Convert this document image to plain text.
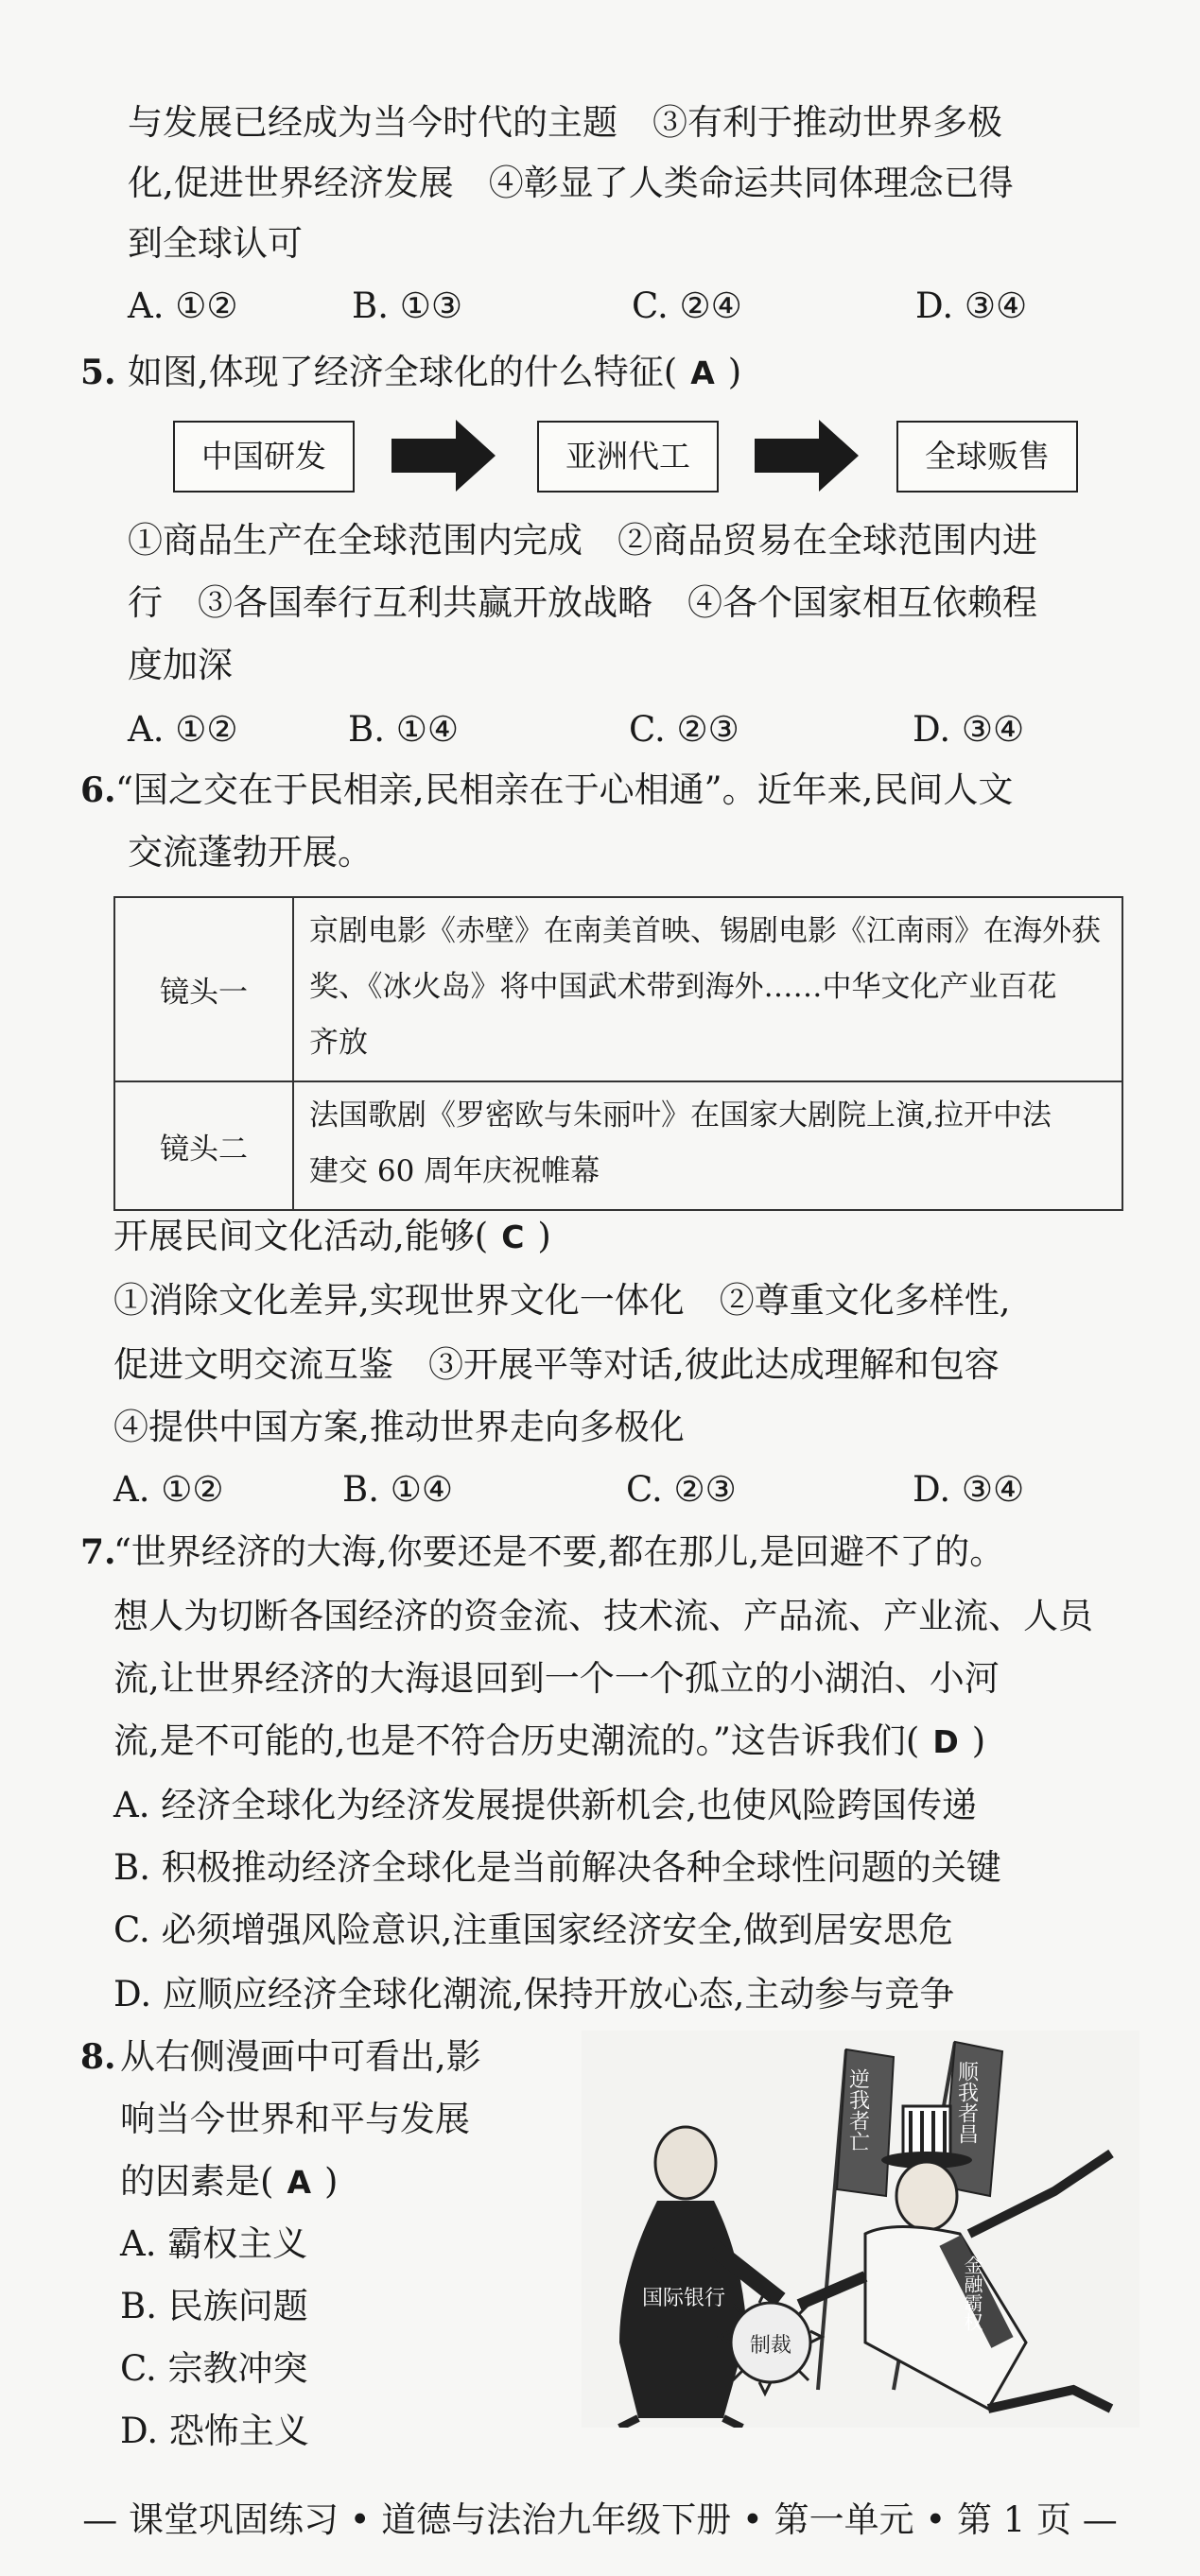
与发展已经成为当今时代的主题　③有利于推动世界多极
化,促进世界经济发展　④彰显了人类命运共同体理念已得
到全球认可
A. ①②	B. ①③	C. ②④	D. ③④
5. 如图,体现了经济全球化的什么特征( A )
中国研发	亚洲代工	全球贩售
①商品生产在全球范围内完成　②商品贸易在全球范围内进
行　③各国奉行互利共赢开放战略　④各个国家相互依赖程
度加深
A. ①②	B. ①④	C. ②③	D. ③④
6. “国之交在于民相亲,民相亲在于心相通”。近年来,民间人文
交流蓬勃开展。
镜头一	京剧电影《赤壁》在南美首映、锡剧电影《江南雨》在海外获
奖、《冰火岛》将中国武术带到海外……中华文化产业百花
齐放

镜头二	法国歌剧《罗密欧与朱丽叶》在国家大剧院上演,拉开中法
建交 60 周年庆祝帷幕
开展民间文化活动,能够( C )
①消除文化差异,实现世界文化一体化　②尊重文化多样性,
促进文明交流互鉴　③开展平等对话,彼此达成理解和包容
④提供中国方案,推动世界走向多极化
A. ①②	B. ①④	C. ②③	D. ③④
7.
“世界经济的大海,你要还是不要,都在那儿,是回避不了的。
想人为切断各国经济的资金流、技术流、产品流、产业流、人员
流,让世界经济的大海退回到一个一个孤立的小湖泊、小河
流,是不可能的,也是不符合历史潮流的。”这告诉我们( D )
A. 经济全球化为经济发展提供新机会,也使风险跨国传递
B. 积极推动经济全球化是当前解决各种全球性问题的关键
C. 必须增强风险意识,注重国家经济安全,做到居安思危
D. 应顺应经济全球化潮流,保持开放心态,主动参与竞争
8. 从右侧漫画中可看出,影
响当今世界和平与发展
的因素是( A )
A. 霸权主义
B. 民族问题
C. 宗教冲突
D. 恐怖主义
逆我者亡	顺我者昌
国际银行	金融霸权
制裁
— 课堂巩固练习 • 道德与法治九年级下册 • 第一单元 • 第 1 页 —
